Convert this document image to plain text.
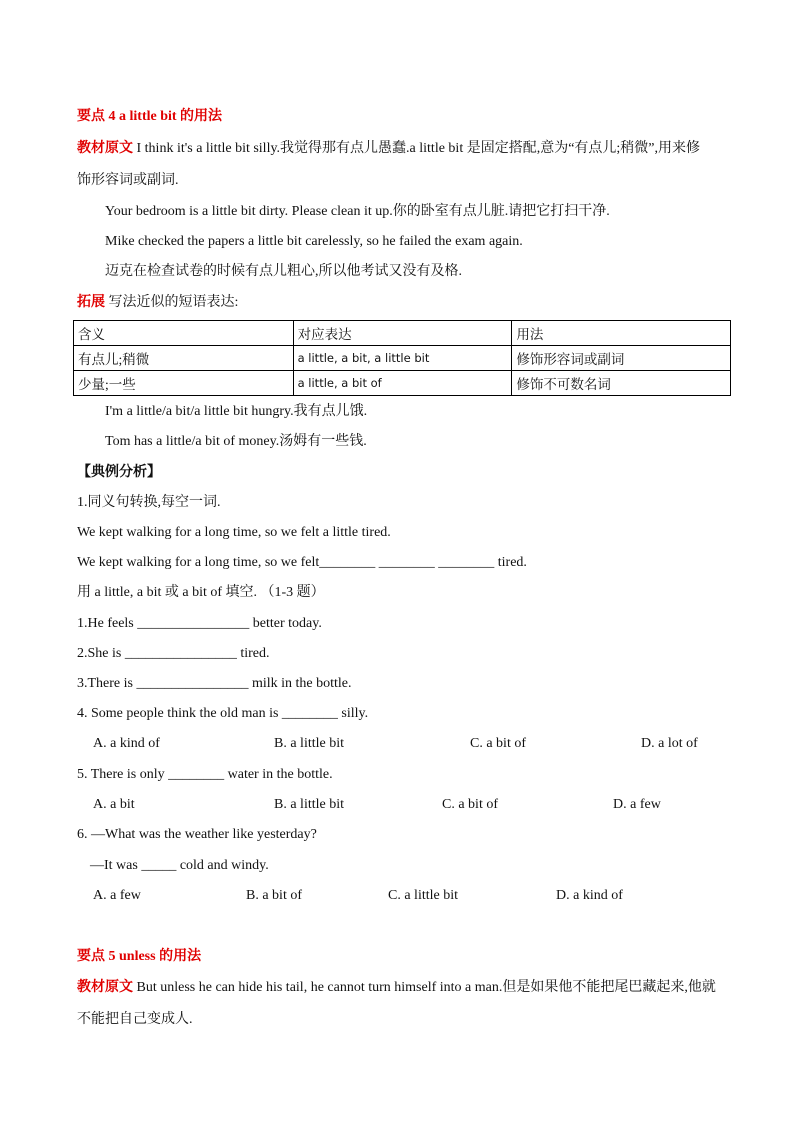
要点 4 a little bit 的用法
教材原文 I think it's a little bit silly.我觉得那有点儿愚蠢.a little bit 是固定搭配,意为“有点儿;稍微”,用来修
饰形容词或副词.
Your bedroom is a little bit dirty. Please clean it up.你的卧室有点儿脏.请把它打扫干净.
Mike checked the papers a little bit carelessly, so he failed the exam again.
迈克在检查试卷的时候有点儿粗心,所以他考试又没有及格.
拓展 写法近似的短语表达:
含义	对应表达	用法
有点儿;稍微	a little, a bit, a little bit	修饰形容词或副词
少量;一些	a little, a bit of	修饰不可数名词
I'm a little/a bit/a little bit hungry.我有点儿饿.
Tom has a little/a bit of money.汤姆有一些钱.
【典例分析】
1.同义句转换,每空一词.
We kept walking for a long time, so we felt a little tired.
We kept walking for a long time, so we felt________ ________ ________ tired.
用 a little, a bit 或 a bit of 填空. （1-3 题）
1.He feels ________________ better today.
2.She is ________________ tired.
3.There is ________________ milk in the bottle.
4. Some people think the old man is ________ silly.
A. a kind of	B. a little bit	C. a bit of	D. a lot of
5. There is only ________ water in the bottle.
A. a bit	B. a little bit	C. a bit of	D. a few
6. —What was the weather like yesterday?
—It was _____ cold and windy.
A. a few	B. a bit of	C. a little bit	D. a kind of
要点 5 unless 的用法
教材原文 But unless he can hide his tail, he cannot turn himself into a man.但是如果他不能把尾巴藏起来,他就
不能把自己变成人.
